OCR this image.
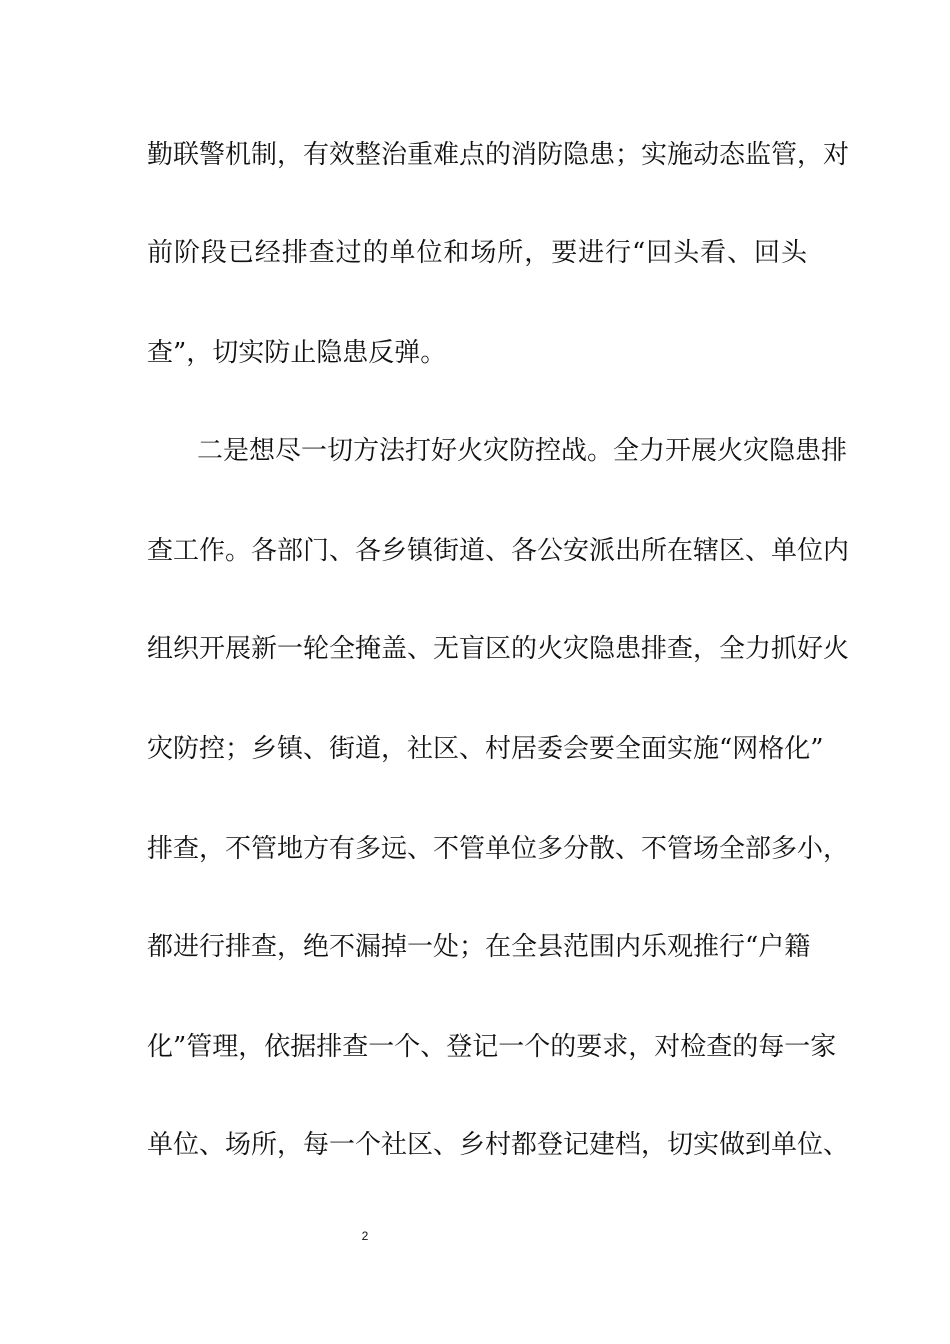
勤联警机制，有效整治重难点的消防隐患；实施动态监管，对
前阶段已经排查过的单位和场所，要进行“回头看、回头
查”，切实防止隐患反弹。
二是想尽一切方法打好火灾防控战。全力开展火灾隐患排
查工作。各部门、各乡镇街道、各公安派出所在辖区、单位内
组织开展新一轮全掩盖、无盲区的火灾隐患排查，全力抓好火
灾防控；乡镇、街道，社区、村居委会要全面实施“网格化”
排查，不管地方有多远、不管单位多分散、不管场全部多小，
都进行排查，绝不漏掉一处；在全县范围内乐观推行“户籍
化”管理，依据排查一个、登记一个的要求，对检查的每一家
单位、场所，每一个社区、乡村都登记建档，切实做到单位、
2
